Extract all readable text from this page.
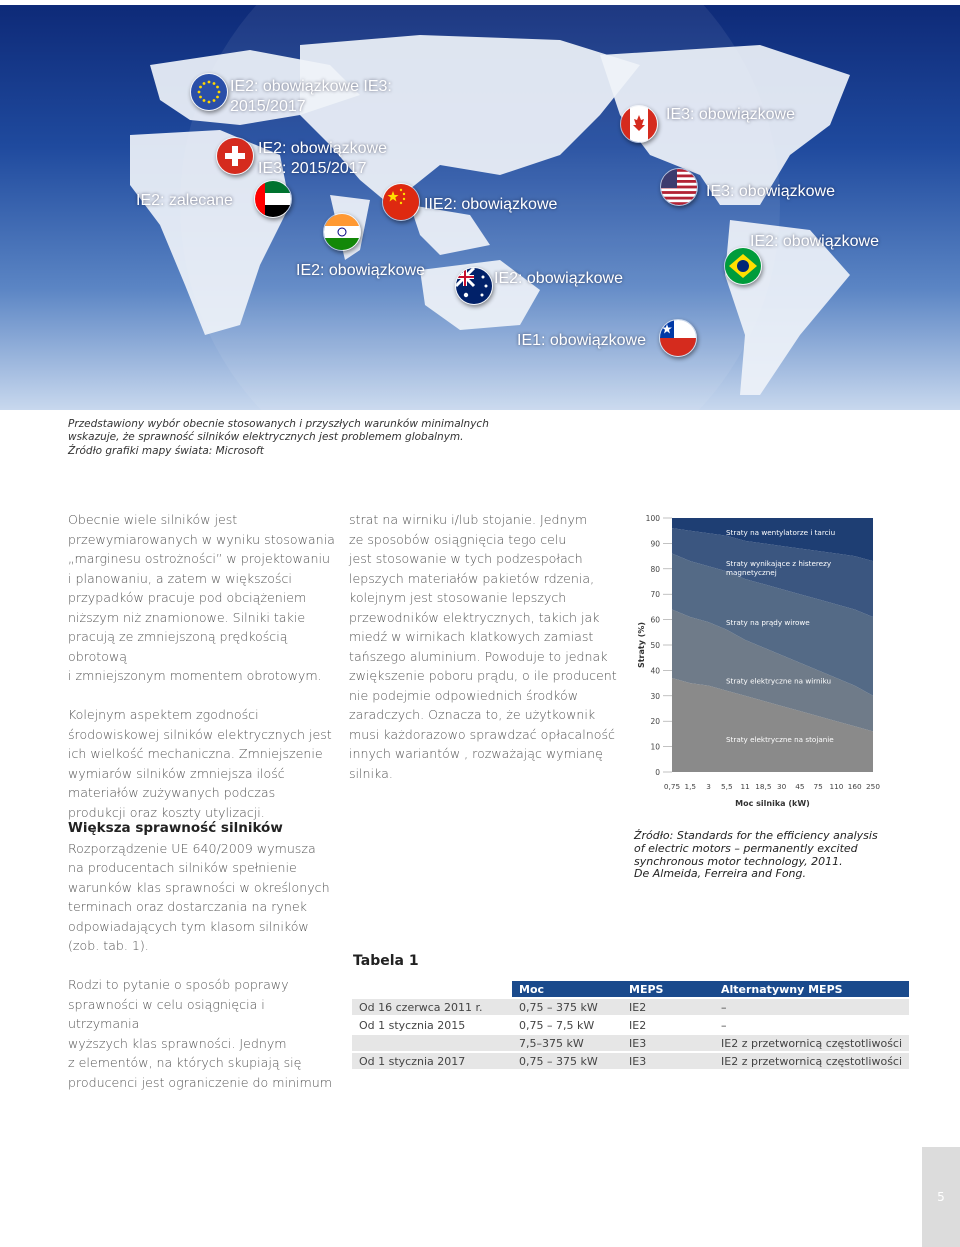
IE2: obowiązkowe IE3:
2015/2017
IE2: obowiązkowe
IE3: 2015/2017
IE2: zalecane	IIE2: obowiązkowe
IE2: obowiązkowe	IE2: obowiązkowe
IE3: obowiązkowe
IE3: obowiązkowe
IE2: obowiązkowe
IE1: obowiązkowe
Przedstawiony wybór obecnie stosowanych i przyszłych warunków minimalnych
wskazuje, że sprawność silników elektrycznych jest problemem globalnym.
Źródło grafiki mapy świata: Microsoft

Obecnie wiele silników jest
przewymiarowanych w wyniku stosowania
„marginesu ostrożności” w projektowaniu
i planowaniu, a zatem w większości
przypadków pracuje pod obciążeniem
niższym niż znamionowe. Silniki takie
pracują ze zmniejszoną prędkością obrotową
i zmniejszonym momentem obrotowym.

Kolejnym aspektem zgodności
środowiskowej silników elektrycznych jest
ich wielkość mechaniczna. Zmniejszenie
wymiarów silników zmniejsza ilość
materiałów zużywanych podczas
produkcji oraz koszty utylizacji.

Większa sprawność silników

Rozporządzenie UE 640/2009 wymusza
na producentach silników spełnienie
warunków klas sprawności w określonych
terminach oraz dostarczania na rynek
odpowiadających tym klasom silników
(zob. tab. 1).

Rodzi to pytanie o sposób poprawy
sprawności w celu osiągnięcia i utrzymania
wyższych klas sprawności. Jednym
z elementów, na których skupiają się
producenci jest ograniczenie do minimum

strat na wirniku i/lub stojanie. Jednym
ze sposobów osiągnięcia tego celu
jest stosowanie w tych podzespołach
lepszych materiałów pakietów rdzenia,
kolejnym jest stosowanie lepszych
przewodników elektrycznych, takich jak
miedź w wirnikach klatkowych zamiast
tańszego aluminium. Powoduje to jednak
zwiększenie poboru prądu, o ile producent
nie podejmie odpowiednich środków
zaradczych. Oznacza to, że użytkownik
musi każdorazowo sprawdzać opłacalność
innych wariantów , rozważając wymianę
silnika.

Straty elektryczne na stojanie
Straty elektryczne na wirniku
Straty na prądy wirowe
Straty wynikające z histerezy
magnetycznej
Straty na wentylatorze i tarciu
100
90
80
70
60
50
40
30
20
10
0
Straty (%)
0,75 1,5 3 5,5 11 18,5 30 45 75 110 160 250
Moc silnika (kW)
Źródło: Standards for the efficiency analysis
of electric motors – permanently excited
synchronous motor technology, 2011.
De Almeida, Ferreira and Fong.
Tabela 1
	Moc	MEPS	Alternatywny MEPS
Od 16 czerwca 2011 r.	0,75 – 375 kW	IE2	–
Od 1 stycznia 2015	0,75 – 7,5 kW	IE2	–
	7,5–375 kW	IE3	IE2 z przetwornicą częstotliwości
Od 1 stycznia 2017	0,75 – 375 kW	IE3	IE2 z przetwornicą częstotliwości
5
